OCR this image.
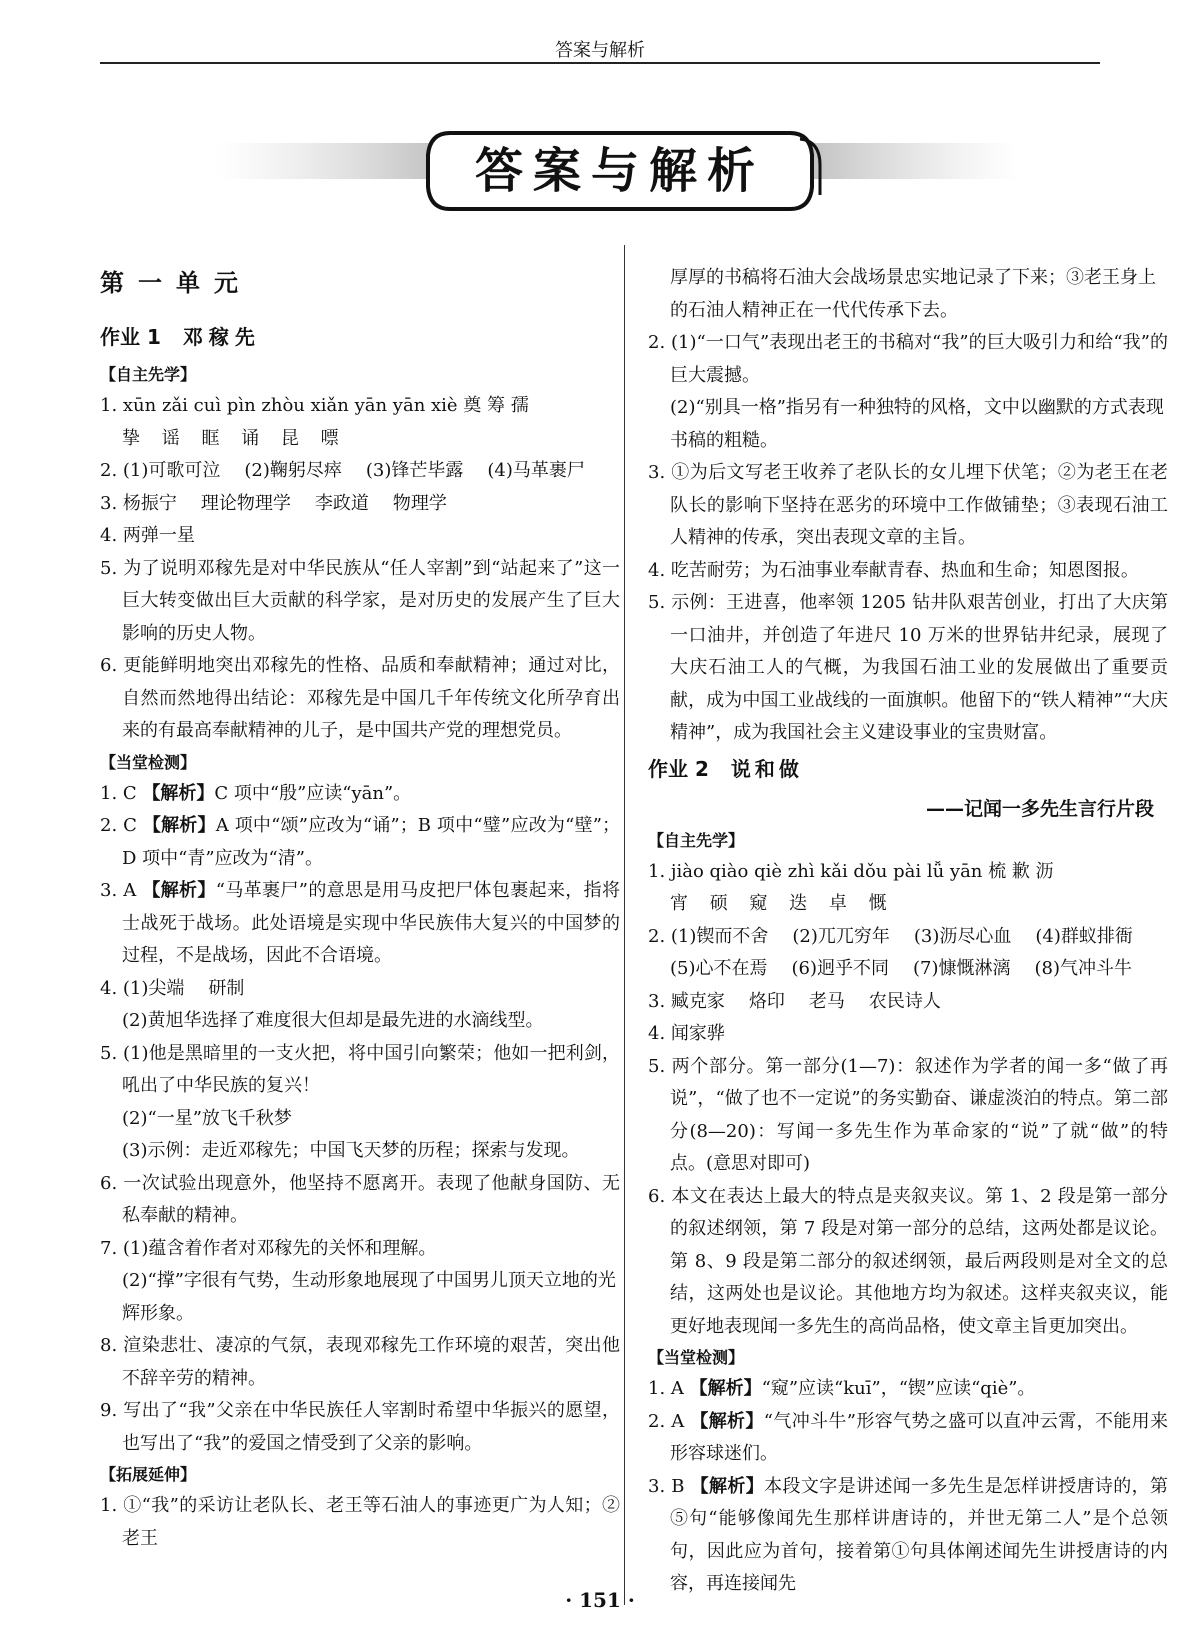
答案与解析
答案与解析
第一单元
作业 1 邓稼先
【自主先学】
1. xūn zǎi cuì pìn zhòu xiǎn yān yān xiè 奠 筹 孺
挚 谣 眶 诵 昆 嘌
2. (1)可歌可泣 (2)鞠躬尽瘁 (3)锋芒毕露 (4)马革裹尸
3. 杨振宁 理论物理学 李政道 物理学
4. 两弹一星
5. 为了说明邓稼先是对中华民族从“任人宰割”到“站起来了”这一巨大转变做出巨大贡献的科学家，是对历史的发展产生了巨大影响的历史人物。
6. 更能鲜明地突出邓稼先的性格、品质和奉献精神；通过对比，自然而然地得出结论：邓稼先是中国几千年传统文化所孕育出来的有最高奉献精神的儿子，是中国共产党的理想党员。
【当堂检测】
1. C 【解析】C 项中“殷”应读“yān”。
2. C 【解析】A 项中“颂”应改为“诵”；B 项中“璧”应改为“壁”；D 项中“青”应改为“清”。
3. A 【解析】“马革裹尸”的意思是用马皮把尸体包裹起来，指将士战死于战场。此处语境是实现中华民族伟大复兴的中国梦的过程，不是战场，因此不合语境。
4. (1)尖端 研制
(2)黄旭华选择了难度很大但却是最先进的水滴线型。
5. (1)他是黑暗里的一支火把，将中国引向繁荣；他如一把利剑，吼出了中华民族的复兴！
(2)“一星”放飞千秋梦
(3)示例：走近邓稼先；中国飞天梦的历程；探索与发现。
6. 一次试验出现意外，他坚持不愿离开。表现了他献身国防、无私奉献的精神。
7. (1)蕴含着作者对邓稼先的关怀和理解。
(2)“撑”字很有气势，生动形象地展现了中国男儿顶天立地的光辉形象。
8. 渲染悲壮、凄凉的气氛，表现邓稼先工作环境的艰苦，突出他不辞辛劳的精神。
9. 写出了“我”父亲在中华民族任人宰割时希望中华振兴的愿望，也写出了“我”的爱国之情受到了父亲的影响。
【拓展延伸】
1. ①“我”的采访让老队长、老王等石油人的事迹更广为人知；②老王
厚厚的书稿将石油大会战场景忠实地记录了下来；③老王身上的石油人精神正在一代代传承下去。
2. (1)“一口气”表现出老王的书稿对“我”的巨大吸引力和给“我”的巨大震撼。
(2)“别具一格”指另有一种独特的风格，文中以幽默的方式表现书稿的粗糙。
3. ①为后文写老王收养了老队长的女儿埋下伏笔；②为老王在老队长的影响下坚持在恶劣的环境中工作做铺垫；③表现石油工人精神的传承，突出表现文章的主旨。
4. 吃苦耐劳；为石油事业奉献青春、热血和生命；知恩图报。
5. 示例：王进喜，他率领 1205 钻井队艰苦创业，打出了大庆第一口油井，并创造了年进尺 10 万米的世界钻井纪录，展现了大庆石油工人的气概，为我国石油工业的发展做出了重要贡献，成为中国工业战线的一面旗帜。他留下的“铁人精神”“大庆精神”，成为我国社会主义建设事业的宝贵财富。
作业 2 说和做
——记闻一多先生言行片段
【自主先学】
1. jiào qiào qiè zhì kǎi dǒu pài lǚ yān 梳 歉 沥
宵 硕 窥 迭 卓 慨
2. (1)锲而不舍 (2)兀兀穷年 (3)沥尽心血 (4)群蚁排衙
(5)心不在焉 (6)迥乎不同 (7)慷慨淋漓 (8)气冲斗牛
3. 臧克家 烙印 老马 农民诗人
4. 闻家骅
5. 两个部分。第一部分(1—7)：叙述作为学者的闻一多“做了再说”，“做了也不一定说”的务实勤奋、谦虚淡泊的特点。第二部分(8—20)：写闻一多先生作为革命家的“说”了就“做”的特点。(意思对即可)
6. 本文在表达上最大的特点是夹叙夹议。第 1、2 段是第一部分的叙述纲领，第 7 段是对第一部分的总结，这两处都是议论。第 8、9 段是第二部分的叙述纲领，最后两段则是对全文的总结，这两处也是议论。其他地方均为叙述。这样夹叙夹议，能更好地表现闻一多先生的高尚品格，使文章主旨更加突出。
【当堂检测】
1. A 【解析】“窥”应读“kuī”，“锲”应读“qiè”。
2. A 【解析】“气冲斗牛”形容气势之盛可以直冲云霄，不能用来形容球迷们。
3. B 【解析】本段文字是讲述闻一多先生是怎样讲授唐诗的，第⑤句“能够像闻先生那样讲唐诗的，并世无第二人”是个总领句，因此应为首句，接着第①句具体阐述闻先生讲授唐诗的内容，再连接闻先
· 151 ·
